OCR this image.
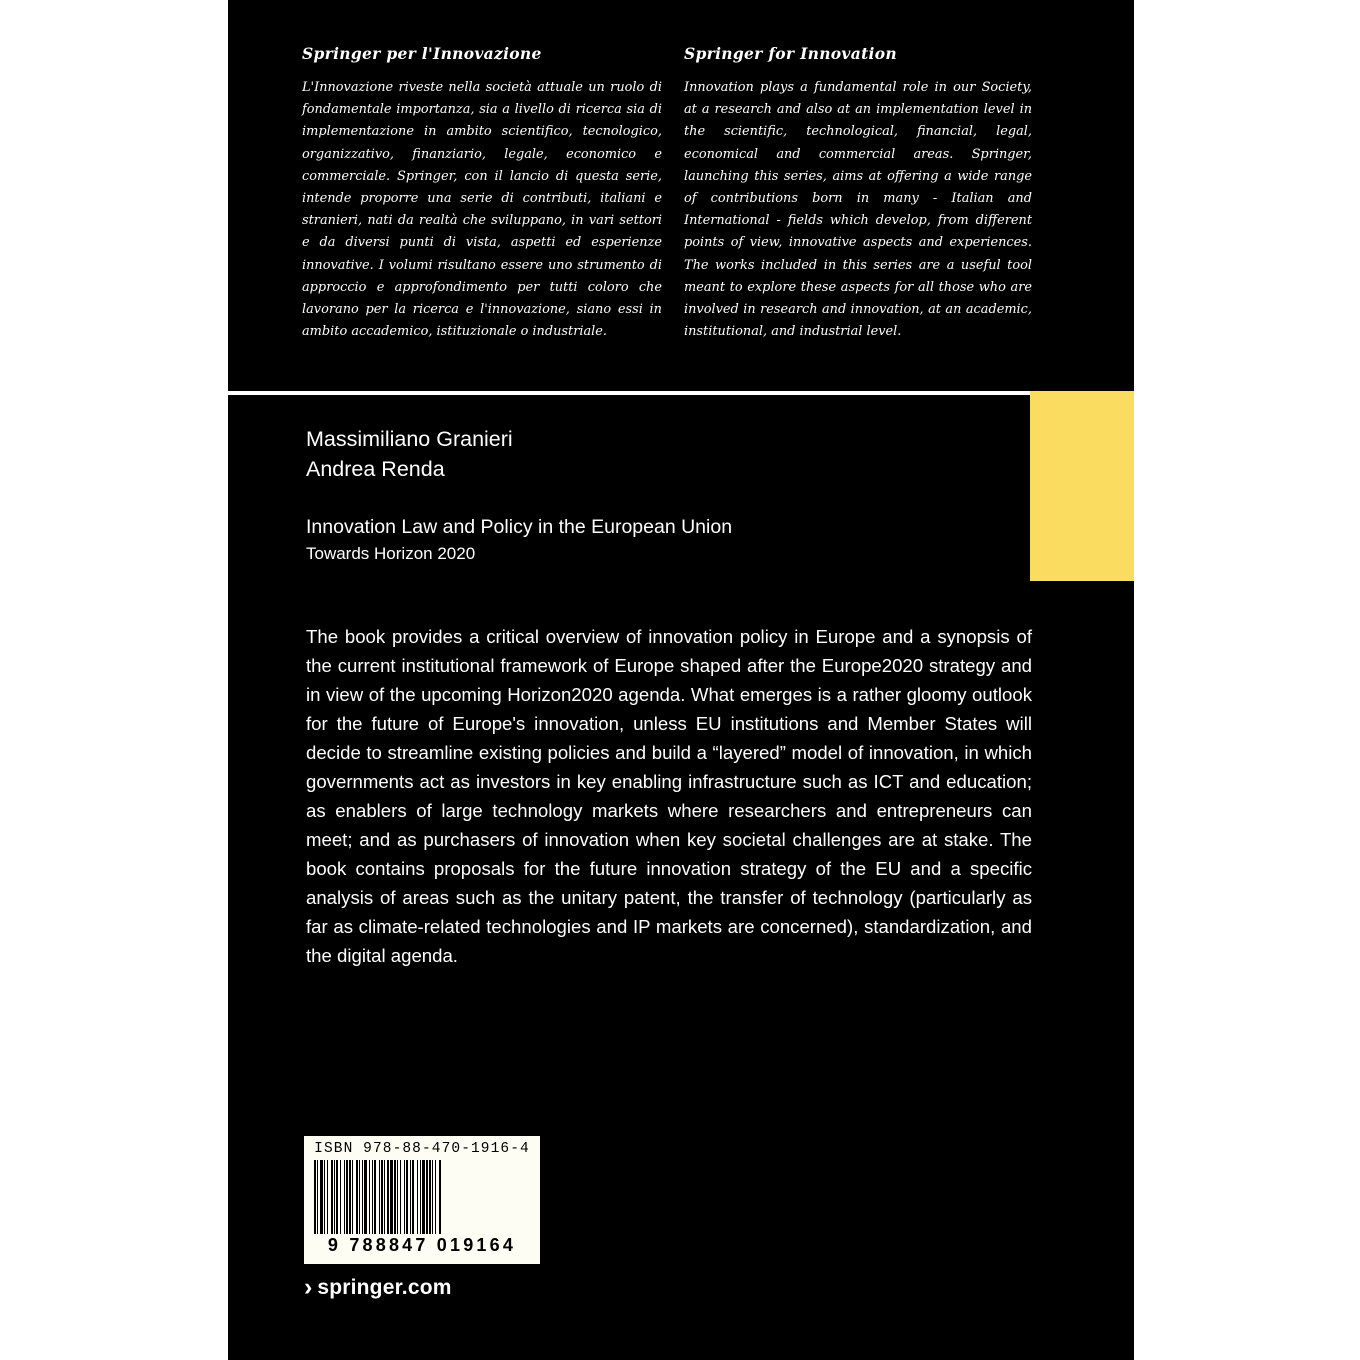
Springer per l'Innovazione
L'Innovazione riveste nella società attuale un ruolo di fondamentale importanza, sia a livello di ricerca sia di implementazione in ambito scientifico, tecnologico, organizzativo, finanziario, legale, economico e commerciale. Springer, con il lancio di questa serie, intende proporre una serie di contributi, italiani e stranieri, nati da realtà che sviluppano, in vari settori e da diversi punti di vista, aspetti ed esperienze innovative. I volumi risultano essere uno strumento di approccio e approfondimento per tutti coloro che lavorano per la ricerca e l'innovazione, siano essi in ambito accademico, istituzionale o industriale.
Springer for Innovation
Innovation plays a fundamental role in our Society, at a research and also at an implementation level in the scientific, technological, financial, legal, economical and commercial areas. Springer, launching this series, aims at offering a wide range of contributions born in many - Italian and International - fields which develop, from different points of view, innovative aspects and experiences. The works included in this series are a useful tool meant to explore these aspects for all those who are involved in research and innovation, at an academic, institutional, and industrial level.
Massimiliano Granieri
Andrea Renda
Innovation Law and Policy in the European Union
Towards Horizon 2020
The book provides a critical overview of innovation policy in Europe and a synopsis of the current institutional framework of Europe shaped after the Europe2020 strategy and in view of the upcoming Horizon2020 agenda. What emerges is a rather gloomy outlook for the future of Europe's innovation, unless EU institutions and Member States will decide to streamline existing policies and build a “layered” model of innovation, in which governments act as investors in key enabling infrastructure such as ICT and education; as enablers of large technology markets where researchers and entrepreneurs can meet; and as purchasers of innovation when key societal challenges are at stake. The book contains proposals for the future innovation strategy of the EU and a specific analysis of areas such as the unitary patent, the transfer of technology (particularly as far as climate-related technologies and IP markets are concerned), standardization, and the digital agenda.
ISBN 978-88-470-1916-4
9 788847 019164
› springer.com
